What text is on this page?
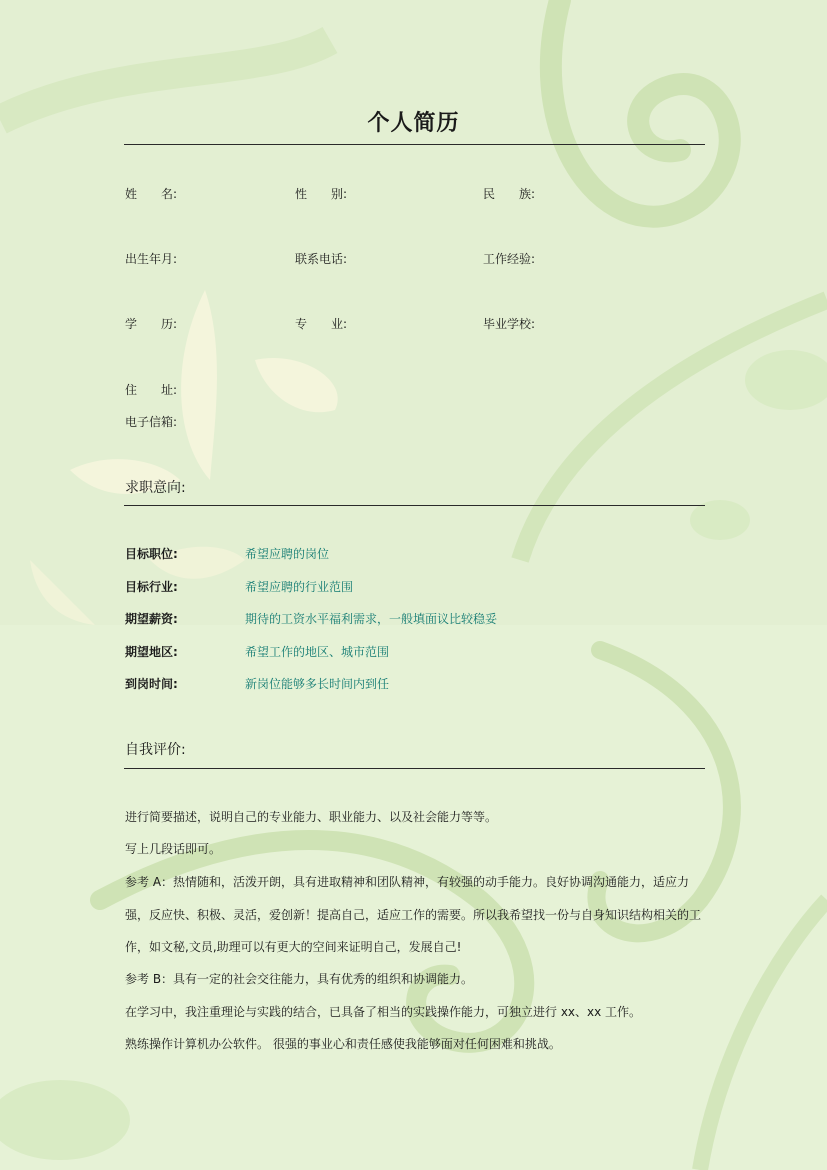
个人简历
姓　　名:	性　　别:	民　　族:
出生年月:	联系电话:	工作经验:
学　　历:	专　　业:	毕业学校:
住　　址:
电子信箱:
求职意向:
目标职位:	希望应聘的岗位
目标行业:	希望应聘的行业范围
期望薪资:	期待的工资水平福利需求，一般填面议比较稳妥
期望地区:	希望工作的地区、城市范围
到岗时间:	新岗位能够多长时间内到任
自我评价:
进行简要描述，说明自己的专业能力、职业能力、以及社会能力等等。
写上几段话即可。
参考 A：热情随和，活泼开朗，具有进取精神和团队精神，有较强的动手能力。良好协调沟通能力，适应力强，反应快、积极、灵活，爱创新！提高自己，适应工作的需要。所以我希望找一份与自身知识结构相关的工作，如文秘,文员,助理可以有更大的空间来证明自己，发展自己!
参考 B：具有一定的社会交往能力，具有优秀的组织和协调能力。
在学习中，我注重理论与实践的结合，已具备了相当的实践操作能力，可独立进行 xx、xx 工作。
熟练操作计算机办公软件。 很强的事业心和责任感使我能够面对任何困难和挑战。
